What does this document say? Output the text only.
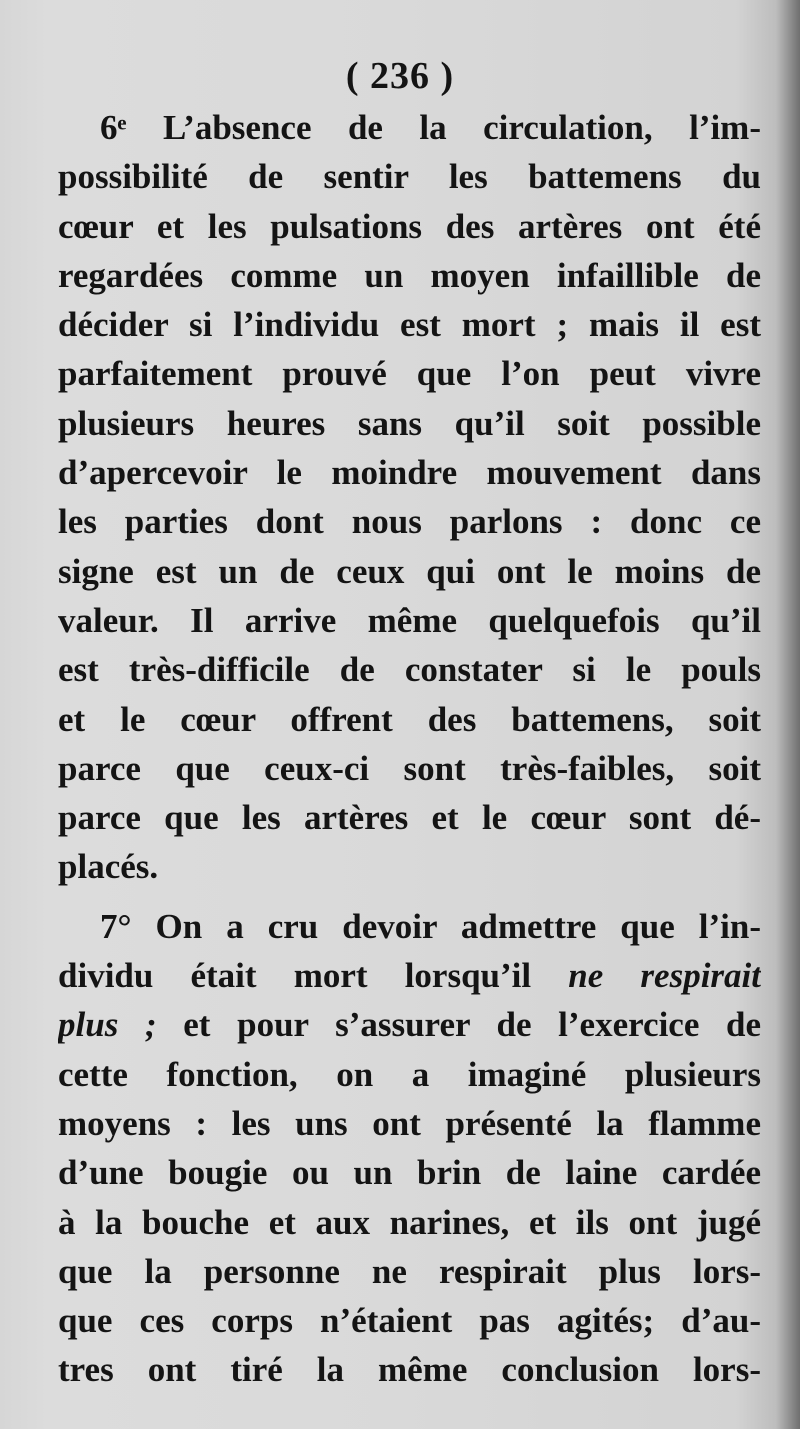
( 236 )
6ᵉ L’absence de la circulation, l’im-
possibilité de sentir les battemens du
cœur et les pulsations des artères ont été
regardées comme un moyen infaillible de
décider si l’individu est mort ; mais il est
parfaitement prouvé que l’on peut vivre
plusieurs heures sans qu’il soit possible
d’apercevoir le moindre mouvement dans
les parties dont nous parlons : donc ce
signe est un de ceux qui ont le moins de
valeur. Il arrive même quelquefois qu’il
est très-difficile de constater si le pouls
et le cœur offrent des battemens, soit
parce que ceux-ci sont très-faibles, soit
parce que les artères et le cœur sont dé-
placés.
7° On a cru devoir admettre que l’in-
dividu était mort lorsqu’il ne respirait
plus ; et pour s’assurer de l’exercice de
cette fonction, on a imaginé plusieurs
moyens : les uns ont présenté la flamme
d’une bougie ou un brin de laine cardée
à la bouche et aux narines, et ils ont jugé
que la personne ne respirait plus lors-
que ces corps n’étaient pas agités; d’au-
tres ont tiré la même conclusion lors-
